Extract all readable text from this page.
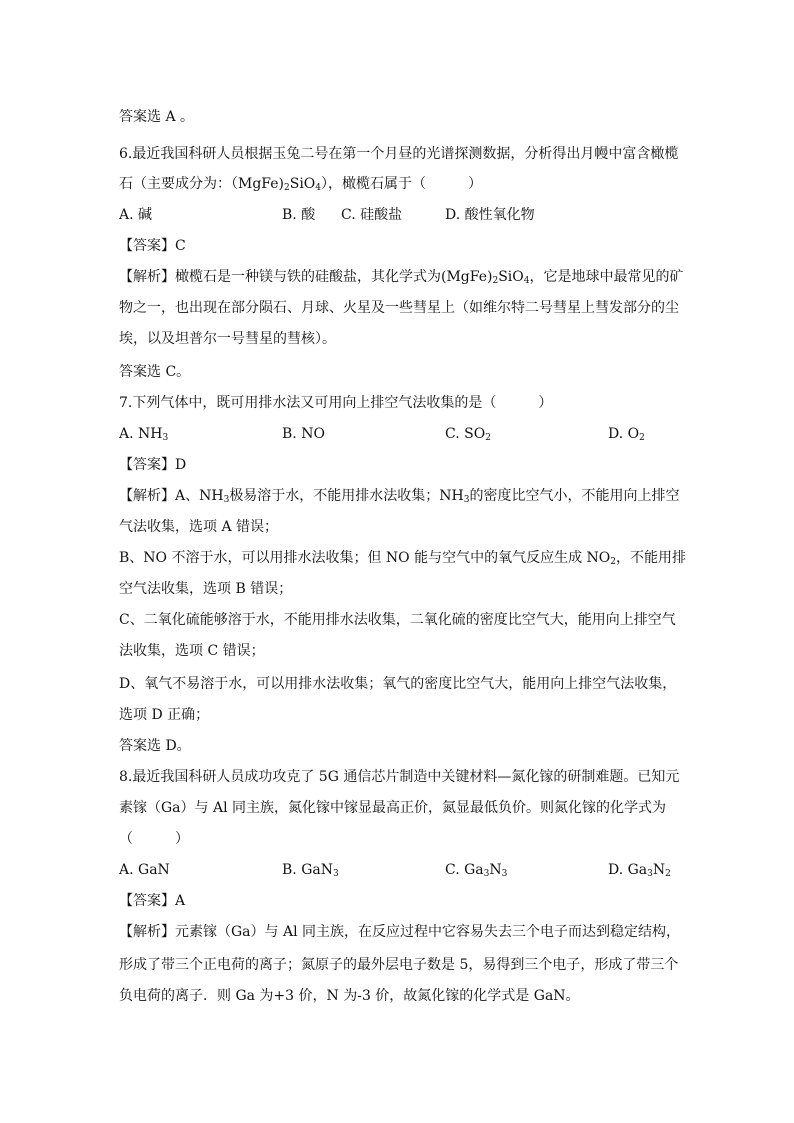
答案选 A 。
6.最近我国科研人员根据玉兔二号在第一个月昼的光谱探测数据，分析得出月幔中富含橄榄
石（主要成分为：$(MgFe)_2SiO_4$），橄榄石属于（　　　）
A. 碱	B. 酸 C. 硅酸盐	D. 酸性氧化物
【答案】C
【解析】橄榄石是一种镁与铁的硅酸盐，其化学式为$(MgFe)_2SiO_4$，它是地球中最常见的矿
物之一，也出现在部分陨石、月球、火星及一些彗星上（如维尔特二号彗星上彗发部分的尘
埃，以及坦普尔一号彗星的彗核）。
答案选 C。
7.下列气体中，既可用排水法又可用向上排空气法收集的是（　　　）
A. $NH_3$	B. NO	C. $SO_2$	D. $O_2$
【答案】D
【解析】A、$NH_3$极易溶于水，不能用排水法收集；$NH_3$的密度比空气小，不能用向上排空
气法收集，选项 A 错误；
B、NO 不溶于水，可以用排水法收集；但 NO 能与空气中的氧气反应生成 $NO_2$，不能用排
空气法收集，选项 B 错误；
C、二氧化硫能够溶于水，不能用排水法收集，二氧化硫的密度比空气大，能用向上排空气
法收集，选项 C 错误；
D、氧气不易溶于水，可以用排水法收集；氧气的密度比空气大，能用向上排空气法收集，
选项 D 正确；
答案选 D。
8.最近我国科研人员成功攻克了 5G 通信芯片制造中关键材料—氮化镓的研制难题。已知元
素镓（Ga）与 Al 同主族，氮化镓中镓显最高正价，氮显最低负价。则氮化镓的化学式为
（　　　）
A. GaN	B. GaN$_3$	C. $Ga_3N_3$	D. $Ga_3N_2$
【答案】A
【解析】元素镓（Ga）与 Al 同主族，在反应过程中它容易失去三个电子而达到稳定结构，
形成了带三个正电荷的离子；氮原子的最外层电子数是 5，易得到三个电子，形成了带三个
负电荷的离子．则 Ga 为+3 价，N 为-3 价，故氮化镓的化学式是 GaN。
